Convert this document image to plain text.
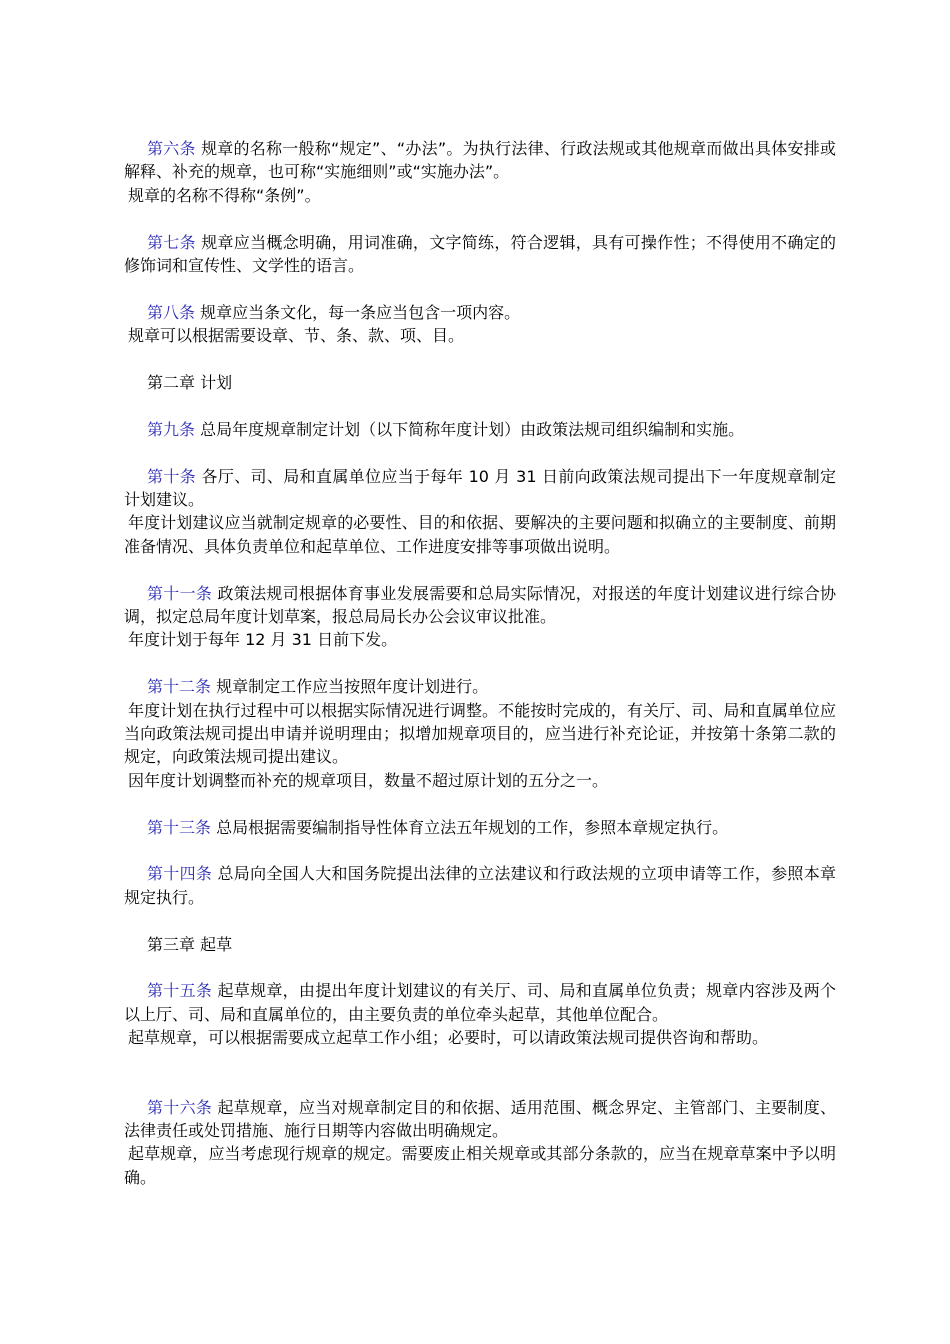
第六条 规章的名称一般称“规定”、“办法”。为执行法律、行政法规或其他规章而做出具体安排或解释、补充的规章，也可称“实施细则”或“实施办法”。

规章的名称不得称“条例”。

第七条 规章应当概念明确，用词准确，文字简练，符合逻辑，具有可操作性；不得使用不确定的修饰词和宣传性、文学性的语言。

第八条 规章应当条文化，每一条应当包含一项内容。

规章可以根据需要设章、节、条、款、项、目。

第二章 计划

第九条 总局年度规章制定计划（以下简称年度计划）由政策法规司组织编制和实施。

第十条 各厅、司、局和直属单位应当于每年 10 月 31 日前向政策法规司提出下一年度规章制定计划建议。

年度计划建议应当就制定规章的必要性、目的和依据、要解决的主要问题和拟确立的主要制度、前期准备情况、具体负责单位和起草单位、工作进度安排等事项做出说明。

第十一条 政策法规司根据体育事业发展需要和总局实际情况，对报送的年度计划建议进行综合协调，拟定总局年度计划草案，报总局局长办公会议审议批准。

年度计划于每年 12 月 31 日前下发。

第十二条 规章制定工作应当按照年度计划进行。

年度计划在执行过程中可以根据实际情况进行调整。不能按时完成的，有关厅、司、局和直属单位应当向政策法规司提出申请并说明理由；拟增加规章项目的，应当进行补充论证，并按第十条第二款的规定，向政策法规司提出建议。

因年度计划调整而补充的规章项目，数量不超过原计划的五分之一。

第十三条 总局根据需要编制指导性体育立法五年规划的工作，参照本章规定执行。

第十四条 总局向全国人大和国务院提出法律的立法建议和行政法规的立项申请等工作，参照本章规定执行。

第三章 起草

第十五条 起草规章，由提出年度计划建议的有关厅、司、局和直属单位负责；规章内容涉及两个以上厅、司、局和直属单位的，由主要负责的单位牵头起草，其他单位配合。

起草规章，可以根据需要成立起草工作小组；必要时，可以请政策法规司提供咨询和帮助。

第十六条 起草规章，应当对规章制定目的和依据、适用范围、概念界定、主管部门、主要制度、法律责任或处罚措施、施行日期等内容做出明确规定。

起草规章，应当考虑现行规章的规定。需要废止相关规章或其部分条款的，应当在规章草案中予以明确。
